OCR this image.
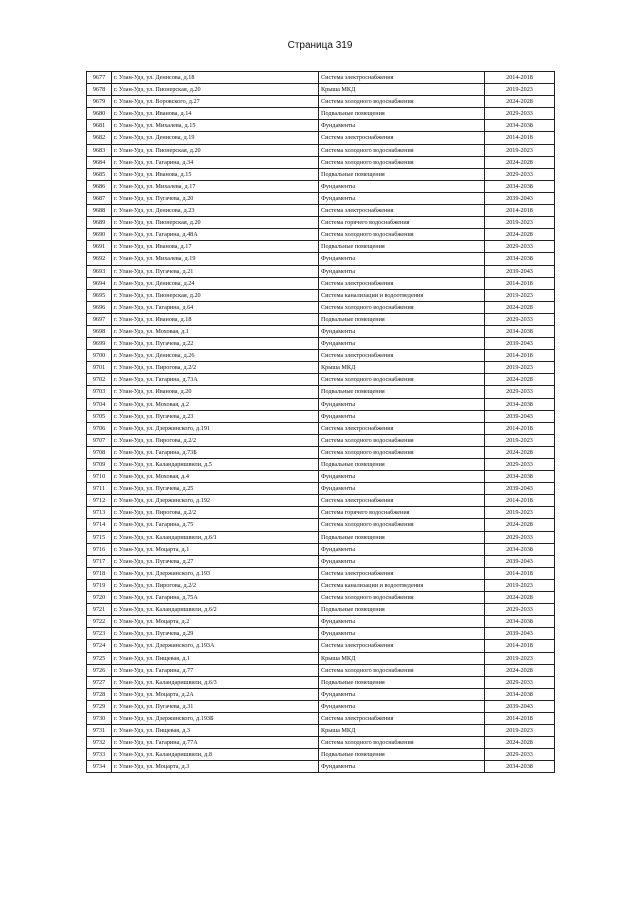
Страница 319
9677	г. Улан-Удэ, ул. Денисова, д.18	Система электроснабжения	2014-2018
9678	г. Улан-Удэ, ул. Пионерская, д.20	Крыша МКД	2019-2023
9679	г. Улан-Удэ, ул. Воровского, д.27	Система холодного водоснабжения	2024-2028
9680	г. Улан-Удэ, ул. Иванова, д.14	Подвальные помещения	2029-2033
9681	г. Улан-Удэ, ул. Михалева, д.15	Фундаменты	2034-2038
9682	г. Улан-Удэ, ул. Денисова, д.19	Система электроснабжения	2014-2018
9683	г. Улан-Удэ, ул. Пионерская, д.20	Система холодного водоснабжения	2019-2023
9684	г. Улан-Удэ, ул. Гагарина, д.34	Система холодного водоснабжения	2024-2028
9685	г. Улан-Удэ, ул. Иванова, д.15	Подвальные помещения	2029-2033
9686	г. Улан-Удэ, ул. Михалева, д.17	Фундаменты	2034-2038
9687	г. Улан-Удэ, ул. Пугачева, д.20	Фундаменты	2039-2043
9688	г. Улан-Удэ, ул. Денисова, д.23	Система электроснабжения	2014-2018
9689	г. Улан-Удэ, ул. Пионерская, д.20	Система горячего водоснабжения	2019-2023
9690	г. Улан-Удэ, ул. Гагарина, д.48А	Система холодного водоснабжения	2024-2028
9691	г. Улан-Удэ, ул. Иванова, д.17	Подвальные помещения	2029-2033
9692	г. Улан-Удэ, ул. Михалева, д.19	Фундаменты	2034-2038
9693	г. Улан-Удэ, ул. Пугачева, д.21	Фундаменты	2039-2043
9694	г. Улан-Удэ, ул. Денисова, д.24	Система электроснабжения	2014-2018
9695	г. Улан-Удэ, ул. Пионерская, д.20	Система канализации и водоотведения	2019-2023
9696	г. Улан-Удэ, ул. Гагарина, д.64	Система холодного водоснабжения	2024-2028
9697	г. Улан-Удэ, ул. Иванова, д.18	Подвальные помещения	2029-2033
9698	г. Улан-Удэ, ул. Моховая, д.1	Фундаменты	2034-2038
9699	г. Улан-Удэ, ул. Пугачева, д.22	Фундаменты	2039-2043
9700	г. Улан-Удэ, ул. Денисова, д.26	Система электроснабжения	2014-2018
9701	г. Улан-Удэ, ул. Пирогова, д.2/2	Крыша МКД	2019-2023
9702	г. Улан-Удэ, ул. Гагарина, д.73А	Система холодного водоснабжения	2024-2028
9703	г. Улан-Удэ, ул. Иванова, д.20	Подвальные помещения	2029-2033
9704	г. Улан-Удэ, ул. Моховая, д.2	Фундаменты	2034-2038
9705	г. Улан-Удэ, ул. Пугачева, д.23	Фундаменты	2039-2043
9706	г. Улан-Удэ, ул. Дзержинского, д.191	Система электроснабжения	2014-2018
9707	г. Улан-Удэ, ул. Пирогова, д.2/2	Система холодного водоснабжения	2019-2023
9708	г. Улан-Удэ, ул. Гагарина, д.73Б	Система холодного водоснабжения	2024-2028
9709	г. Улан-Удэ, ул. Каландаришвили, д.5	Подвальные помещения	2029-2033
9710	г. Улан-Удэ, ул. Моховая, д.4	Фундаменты	2034-2038
9711	г. Улан-Удэ, ул. Пугачева, д.25	Фундаменты	2039-2043
9712	г. Улан-Удэ, ул. Дзержинского, д.192	Система электроснабжения	2014-2018
9713	г. Улан-Удэ, ул. Пирогова, д.2/2	Система горячего водоснабжения	2019-2023
9714	г. Улан-Удэ, ул. Гагарина, д.75	Система холодного водоснабжения	2024-2028
9715	г. Улан-Удэ, ул. Каландаришвили, д.6/1	Подвальные помещения	2029-2033
9716	г. Улан-Удэ, ул. Моцарта, д.1	Фундаменты	2034-2038
9717	г. Улан-Удэ, ул. Пугачева, д.27	Фундаменты	2039-2043
9718	г. Улан-Удэ, ул. Дзержинского, д.193	Система электроснабжения	2014-2018
9719	г. Улан-Удэ, ул. Пирогова, д.2/2	Система канализации и водоотведения	2019-2023
9720	г. Улан-Удэ, ул. Гагарина, д.75А	Система холодного водоснабжения	2024-2028
9721	г. Улан-Удэ, ул. Каландаришвили, д.6/2	Подвальные помещения	2029-2033
9722	г. Улан-Удэ, ул. Моцарта, д.2	Фундаменты	2034-2038
9723	г. Улан-Удэ, ул. Пугачева, д.29	Фундаменты	2039-2043
9724	г. Улан-Удэ, ул. Дзержинского, д.193А	Система электроснабжения	2014-2018
9725	г. Улан-Удэ, ул. Пищевая, д.1	Крыша МКД	2019-2023
9726	г. Улан-Удэ, ул. Гагарина, д.77	Система холодного водоснабжения	2024-2028
9727	г. Улан-Удэ, ул. Каландаришвили, д.6/3	Подвальные помещения	2029-2033
9728	г. Улан-Удэ, ул. Моцарта, д.2А	Фундаменты	2034-2038
9729	г. Улан-Удэ, ул. Пугачева, д.31	Фундаменты	2039-2043
9730	г. Улан-Удэ, ул. Дзержинского, д.193Б	Система электроснабжения	2014-2018
9731	г. Улан-Удэ, ул. Пищевая, д.3	Крыша МКД	2019-2023
9732	г. Улан-Удэ, ул. Гагарина, д.77А	Система холодного водоснабжения	2024-2028
9733	г. Улан-Удэ, ул. Каландаришвили, д.8	Подвальные помещения	2029-2033
9734	г. Улан-Удэ, ул. Моцарта, д.3	Фундаменты	2034-2038
